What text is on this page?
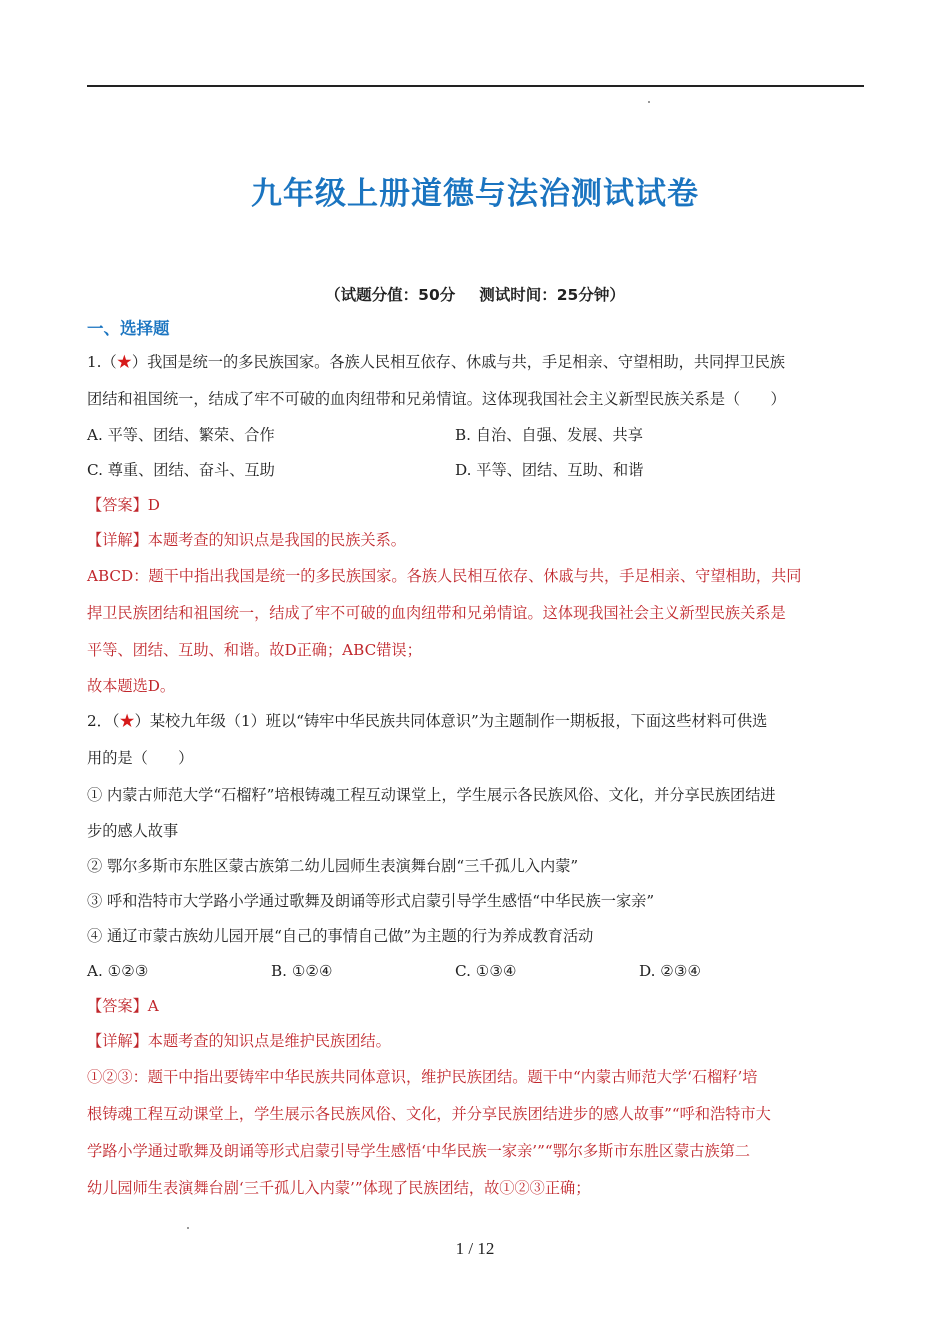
九年级上册道德与法治测试试卷
（试题分值：50分 测试时间：25分钟）
一、选择题
1.（★）我国是统一的多民族国家。各族人民相互依存、休戚与共，手足相亲、守望相助，共同捍卫民族
团结和祖国统一，结成了牢不可破的血肉纽带和兄弟情谊。这体现我国社会主义新型民族关系是（　　）
A. 平等、团结、繁荣、合作	B. 自治、自强、发展、共享
C. 尊重、团结、奋斗、互助	D. 平等、团结、互助、和谐
【答案】D
【详解】本题考查的知识点是我国的民族关系。
ABCD：题干中指出我国是统一的多民族国家。各族人民相互依存、休戚与共，手足相亲、守望相助，共同
捍卫民族团结和祖国统一，结成了牢不可破的血肉纽带和兄弟情谊。这体现我国社会主义新型民族关系是
平等、团结、互助、和谐。故D正确；ABC错误；
故本题选D。
2．（★）某校九年级（1）班以“铸牢中华民族共同体意识”为主题制作一期板报，下面这些材料可供选
用的是（　　）
① 内蒙古师范大学“石榴籽”培根铸魂工程互动课堂上，学生展示各民族风俗、文化，并分享民族团结进
步的感人故事
② 鄂尔多斯市东胜区蒙古族第二幼儿园师生表演舞台剧“三千孤儿入内蒙”
③ 呼和浩特市大学路小学通过歌舞及朗诵等形式启蒙引导学生感悟“中华民族一家亲”
④ 通辽市蒙古族幼儿园开展“自己的事情自己做”为主题的行为养成教育活动
A. ①②③	B. ①②④	C. ①③④	D. ②③④
【答案】A
【详解】本题考查的知识点是维护民族团结。
①②③：题干中指出要铸牢中华民族共同体意识，维护民族团结。题干中“内蒙古师范大学‘石榴籽’培
根铸魂工程互动课堂上，学生展示各民族风俗、文化，并分享民族团结进步的感人故事”“呼和浩特市大
学路小学通过歌舞及朗诵等形式启蒙引导学生感悟‘中华民族一家亲’”“鄂尔多斯市东胜区蒙古族第二
幼儿园师生表演舞台剧‘三千孤儿入内蒙’”体现了民族团结，故①②③正确；
1 / 12
